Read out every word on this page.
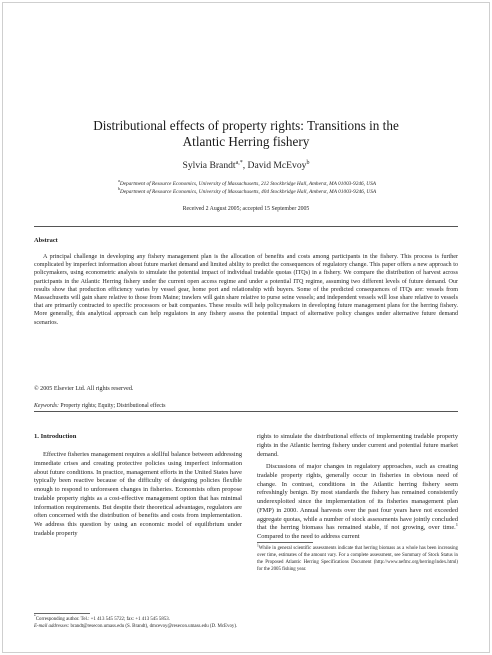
Distributional effects of property rights: Transitions in the
Atlantic Herring fishery
Sylvia Brandt$^{a,*}$, David McEvoy$^b$
$^a$Department of Resource Economics, University of Massachusetts, 212 Stockbridge Hall, Amherst, MA 01003-9246, USA
$^b$Department of Resource Economics, University of Massachusetts, 404 Stockbridge Hall, Amherst, MA 01003-9246, USA
Received 2 August 2005; accepted 15 September 2005
Abstract
A principal challenge in developing any fishery management plan is the allocation of benefits and costs among participants in the fishery. This process is further complicated by imperfect information about future market demand and limited ability to predict the consequences of regulatory change. This paper offers a new approach to policymakers, using econometric analysis to simulate the potential impact of individual tradable quotas (ITQs) in a fishery. We compare the distribution of harvest across participants in the Atlantic Herring fishery under the current open access regime and under a potential ITQ regime, assuming two different levels of future demand. Our results show that production efficiency varies by vessel gear, home port and relationship with buyers. Some of the predicted consequences of ITQs are: vessels from Massachusetts will gain share relative to those from Maine; trawlers will gain share relative to purse seine vessels; and independent vessels will lose share relative to vessels that are primarily contracted to specific processors or bait companies. These results will help policymakers in developing future management plans for the herring fishery. More generally, this analytical approach can help regulators in any fishery assess the potential impact of alternative policy changes under alternative future demand scenarios.
© 2005 Elsevier Ltd. All rights reserved.
Keywords: Property rights; Equity; Distributional effects
1. Introduction

Effective fisheries management requires a skillful balance between addressing immediate crises and creating protective policies using imperfect information about future conditions. In practice, management efforts in the United States have typically been reactive because of the difficulty of designing policies flexible enough to respond to unforeseen changes in fisheries. Economists often propose tradable property rights as a cost-effective management option that has minimal information requirements. But despite their theoretical advantages, regulators are often concerned with the distribution of benefits and costs from implementation. We address this question by using an economic model of equilibrium under tradable property

rights to simulate the distributional effects of implementing tradable property rights in the Atlantic herring fishery under current and potential future market demand.

Discussions of major changes in regulatory approaches, such as creating tradable property rights, generally occur in fisheries in obvious need of change. In contrast, conditions in the Atlantic herring fishery seem refreshingly benign. By most standards the fishery has remained consistently underexploited since the implementation of its fisheries management plan (FMP) in 2000. Annual harvests over the past four years have not exceeded aggregate quotas, while a number of stock assessments have jointly concluded that the herring biomass has remained stable, if not growing, over time.$^1$ Compared to the need to address current

$^1$While in general scientific assessments indicate that herring biomass as a whole has been increasing over time, estimates of the amount vary. For a complete assessment, see Summary of Stock Status in the Proposed Atlantic Herring Specifications Document (http://www.nefmc.org/herring/index.html) for the 2005 fishing year.
*Corresponding author. Tel.: +1 413 545 5722; fax: +1 413 545 5853.
E-mail addresses: brandt@resecon.umass.edu (S. Brandt), dmcevoy@resecon.umass.edu (D. McEvoy).
